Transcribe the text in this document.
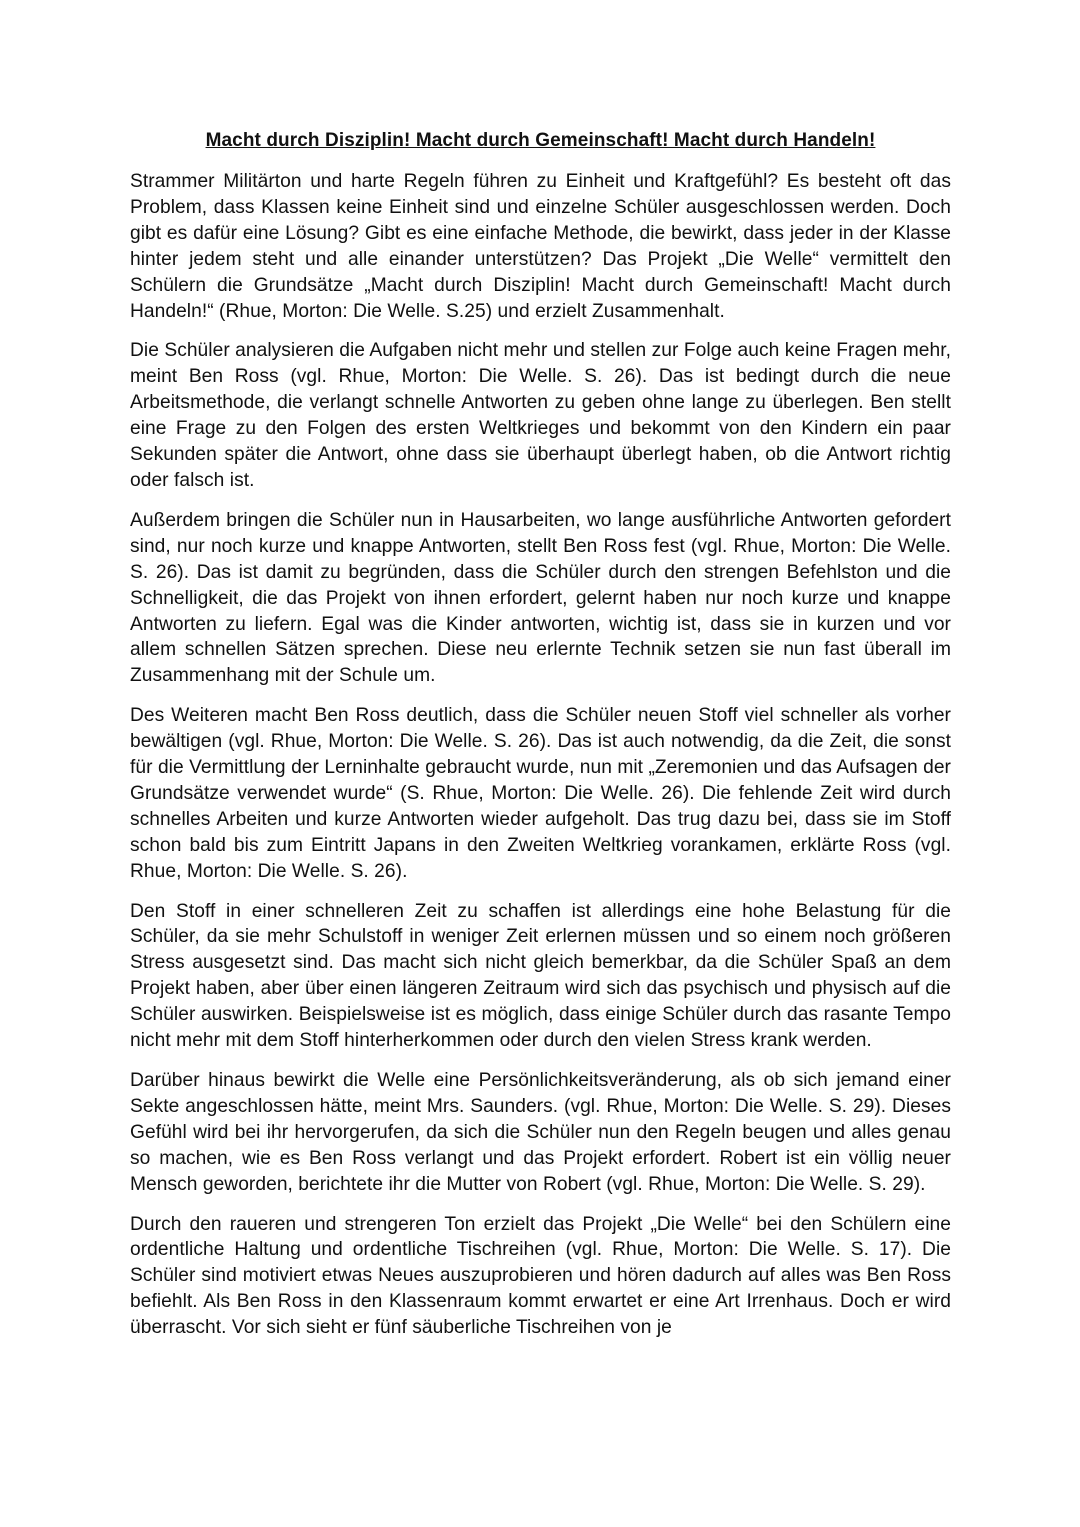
Macht durch Disziplin! Macht durch Gemeinschaft! Macht durch Handeln!

Strammer Militärton und harte Regeln führen zu Einheit und Kraftgefühl? Es besteht oft das Problem, dass Klassen keine Einheit sind und einzelne Schüler ausgeschlossen werden. Doch gibt es dafür eine Lösung? Gibt es eine einfache Methode, die bewirkt, dass jeder in der Klasse hinter jedem steht und alle einander unterstützen? Das Projekt „Die Welle“ vermittelt den Schülern die Grundsätze „Macht durch Disziplin! Macht durch Gemeinschaft! Macht durch Handeln!“ (Rhue, Morton: Die Welle. S.25) und erzielt Zusammenhalt.

Die Schüler analysieren die Aufgaben nicht mehr und stellen zur Folge auch keine Fragen mehr, meint Ben Ross (vgl. Rhue, Morton: Die Welle. S. 26). Das ist bedingt durch die neue Arbeitsmethode, die verlangt schnelle Antworten zu geben ohne lange zu überlegen. Ben stellt eine Frage zu den Folgen des ersten Weltkrieges und bekommt von den Kindern ein paar Sekunden später die Antwort, ohne dass sie überhaupt überlegt haben, ob die Antwort richtig oder falsch ist.

Außerdem bringen die Schüler nun in Hausarbeiten, wo lange ausführliche Antworten gefordert sind, nur noch kurze und knappe Antworten, stellt Ben Ross fest (vgl. Rhue, Morton: Die Welle. S. 26). Das ist damit zu begründen, dass die Schüler durch den strengen Befehlston und die Schnelligkeit, die das Projekt von ihnen erfordert, gelernt haben nur noch kurze und knappe Antworten zu liefern. Egal was die Kinder antworten, wichtig ist, dass sie in kurzen und vor allem schnellen Sätzen sprechen. Diese neu erlernte Technik setzen sie nun fast überall im Zusammenhang mit der Schule um.

Des Weiteren macht Ben Ross deutlich, dass die Schüler neuen Stoff viel schneller als vorher bewältigen (vgl. Rhue, Morton: Die Welle. S. 26). Das ist auch notwendig, da die Zeit, die sonst für die Vermittlung der Lerninhalte gebraucht wurde, nun mit „Zeremonien und das Aufsagen der Grundsätze verwendet wurde“ (S. Rhue, Morton: Die Welle. 26). Die fehlende Zeit wird durch schnelles Arbeiten und kurze Antworten wieder aufgeholt. Das trug dazu bei, dass sie im Stoff schon bald bis zum Eintritt Japans in den Zweiten Weltkrieg vorankamen, erklärte Ross (vgl. Rhue, Morton: Die Welle. S. 26).

Den Stoff in einer schnelleren Zeit zu schaffen ist allerdings eine hohe Belastung für die Schüler, da sie mehr Schulstoff in weniger Zeit erlernen müssen und so einem noch größeren Stress ausgesetzt sind. Das macht sich nicht gleich bemerkbar, da die Schüler Spaß an dem Projekt haben, aber über einen längeren Zeitraum wird sich das psychisch und physisch auf die Schüler auswirken. Beispielsweise ist es möglich, dass einige Schüler durch das rasante Tempo nicht mehr mit dem Stoff hinterherkommen oder durch den vielen Stress krank werden.

Darüber hinaus bewirkt die Welle eine Persönlichkeitsveränderung, als ob sich jemand einer Sekte angeschlossen hätte, meint Mrs. Saunders. (vgl. Rhue, Morton: Die Welle. S. 29). Dieses Gefühl wird bei ihr hervorgerufen, da sich die Schüler nun den Regeln beugen und alles genau so machen, wie es Ben Ross verlangt und das Projekt erfordert. Robert ist ein völlig neuer Mensch geworden, berichtete ihr die Mutter von Robert (vgl. Rhue, Morton: Die Welle. S. 29).

Durch den raueren und strengeren Ton erzielt das Projekt „Die Welle“ bei den Schülern eine ordentliche Haltung und ordentliche Tischreihen (vgl. Rhue, Morton: Die Welle. S. 17). Die Schüler sind motiviert etwas Neues auszuprobieren und hören dadurch auf alles was Ben Ross befiehlt. Als Ben Ross in den Klassenraum kommt erwartet er eine Art Irrenhaus. Doch er wird überrascht. Vor sich sieht er fünf säuberliche Tischreihen von je
